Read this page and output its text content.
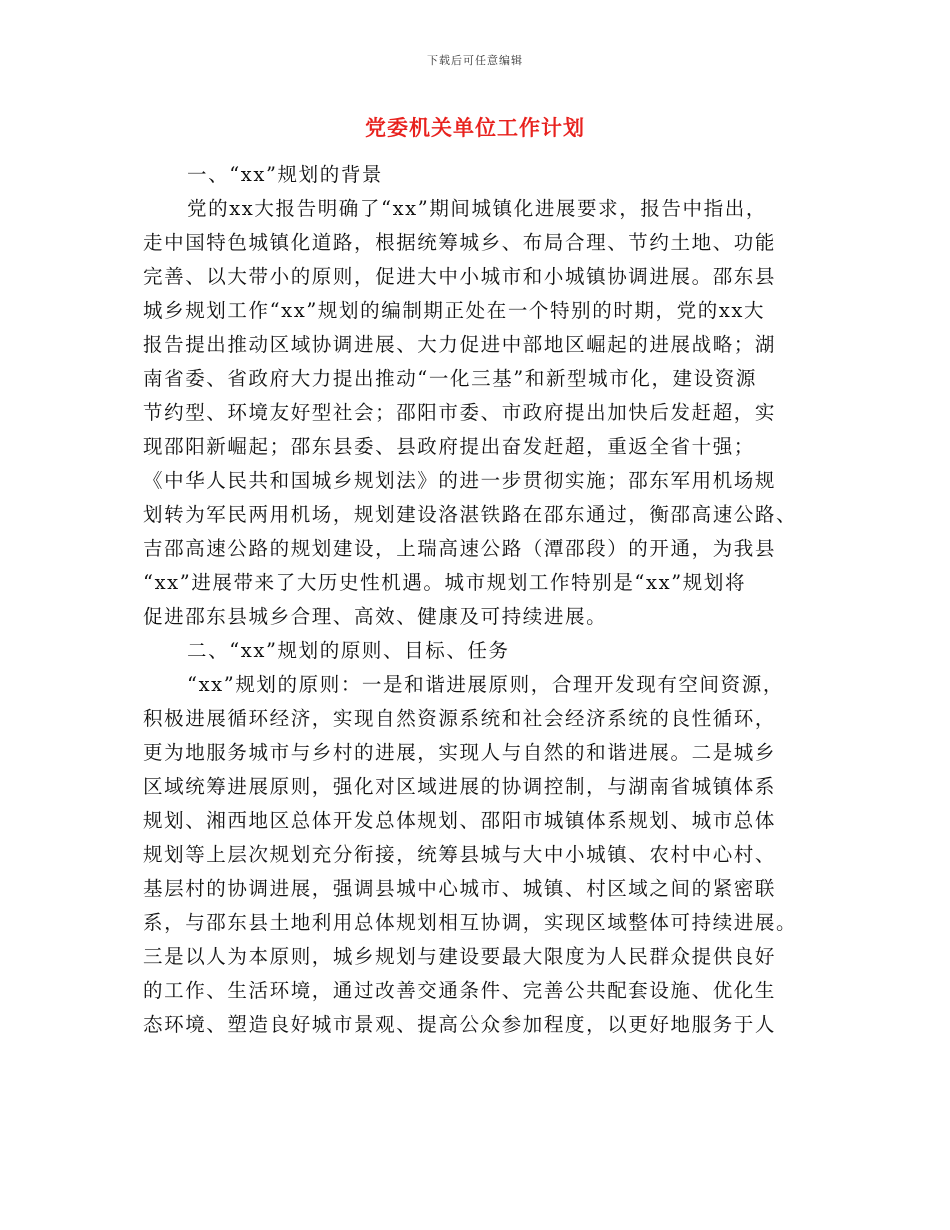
下载后可任意编辑
党委机关单位工作计划
一、“xx”规划的背景
党的xx大报告明确了“xx”期间城镇化进展要求，报告中指出，
走中国特色城镇化道路，根据统筹城乡、布局合理、节约土地、功能
完善、以大带小的原则，促进大中小城市和小城镇协调进展。邵东县
城乡规划工作“xx”规划的编制期正处在一个特别的时期，党的xx大
报告提出推动区域协调进展、大力促进中部地区崛起的进展战略；湖
南省委、省政府大力提出推动“一化三基”和新型城市化，建设资源
节约型、环境友好型社会；邵阳市委、市政府提出加快后发赶超，实
现邵阳新崛起；邵东县委、县政府提出奋发赶超，重返全省十强；
《中华人民共和国城乡规划法》的进一步贯彻实施；邵东军用机场规
划转为军民两用机场，规划建设洛湛铁路在邵东通过，衡邵高速公路、
吉邵高速公路的规划建设，上瑞高速公路（潭邵段）的开通，为我县
“xx”进展带来了大历史性机遇。城市规划工作特别是“xx”规划将
促进邵东县城乡合理、高效、健康及可持续进展。
二、“xx”规划的原则、目标、任务
“xx”规划的原则：一是和谐进展原则，合理开发现有空间资源，
积极进展循环经济，实现自然资源系统和社会经济系统的良性循环，
更为地服务城市与乡村的进展，实现人与自然的和谐进展。二是城乡
区域统筹进展原则，强化对区域进展的协调控制，与湖南省城镇体系
规划、湘西地区总体开发总体规划、邵阳市城镇体系规划、城市总体
规划等上层次规划充分衔接，统筹县城与大中小城镇、农村中心村、
基层村的协调进展，强调县城中心城市、城镇、村区域之间的紧密联
系，与邵东县土地利用总体规划相互协调，实现区域整体可持续进展。
三是以人为本原则，城乡规划与建设要最大限度为人民群众提供良好
的工作、生活环境，通过改善交通条件、完善公共配套设施、优化生
态环境、塑造良好城市景观、提高公众参加程度，以更好地服务于人
